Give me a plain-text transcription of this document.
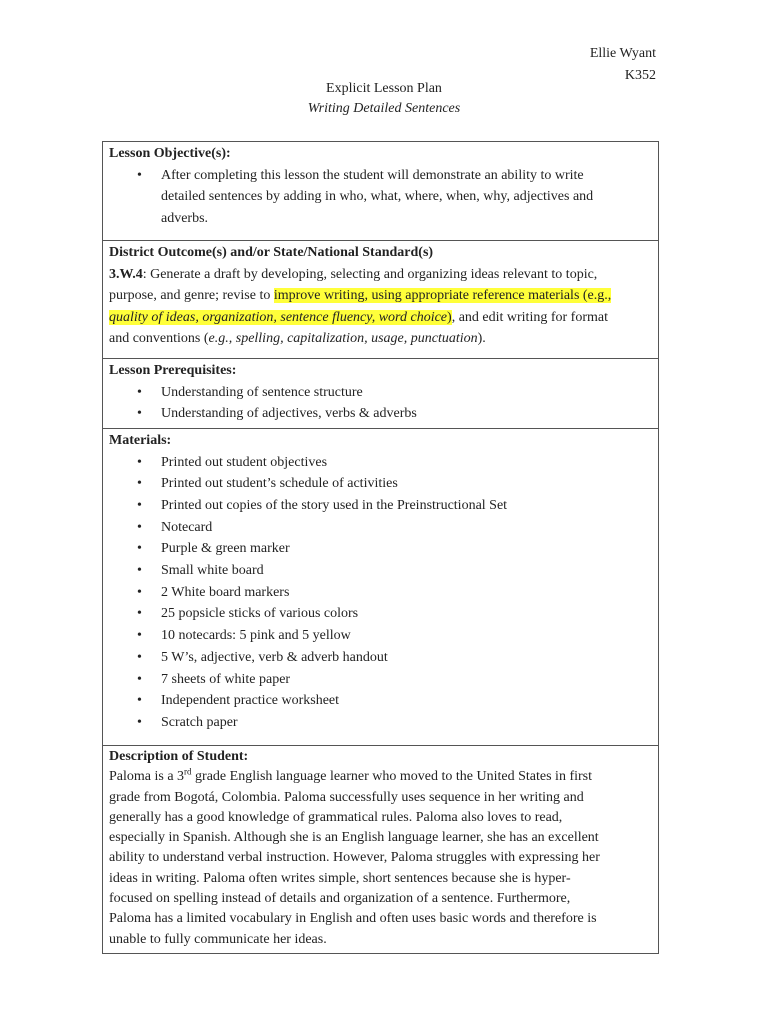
Ellie Wyant
K352
Explicit Lesson Plan
Writing Detailed Sentences
Lesson Objective(s):
• After completing this lesson the student will demonstrate an ability to write
detailed sentences by adding in who, what, where, when, why, adjectives and
adverbs.

District Outcome(s) and/or State/National Standard(s)
3.W.4: Generate a draft by developing, selecting and organizing ideas relevant to topic,
purpose, and genre; revise to improve writing, using appropriate reference materials (e.g.,
quality of ideas, organization, sentence fluency, word choice), and edit writing for format
and conventions (e.g., spelling, capitalization, usage, punctuation).

Lesson Prerequisites:
• Understanding of sentence structure
• Understanding of adjectives, verbs & adverbs

Materials:
• Printed out student objectives
• Printed out student’s schedule of activities
• Printed out copies of the story used in the Preinstructional Set
• Notecard
• Purple & green marker
• Small white board
• 2 White board markers
• 25 popsicle sticks of various colors
• 10 notecards: 5 pink and 5 yellow
• 5 W’s, adjective, verb & adverb handout
• 7 sheets of white paper
• Independent practice worksheet
• Scratch paper

Description of Student:
Paloma is a 3rd grade English language learner who moved to the United States in first
grade from Bogotá, Colombia. Paloma successfully uses sequence in her writing and
generally has a good knowledge of grammatical rules. Paloma also loves to read,
especially in Spanish. Although she is an English language learner, she has an excellent
ability to understand verbal instruction. However, Paloma struggles with expressing her
ideas in writing. Paloma often writes simple, short sentences because she is hyper-
focused on spelling instead of details and organization of a sentence. Furthermore,
Paloma has a limited vocabulary in English and often uses basic words and therefore is
unable to fully communicate her ideas.
